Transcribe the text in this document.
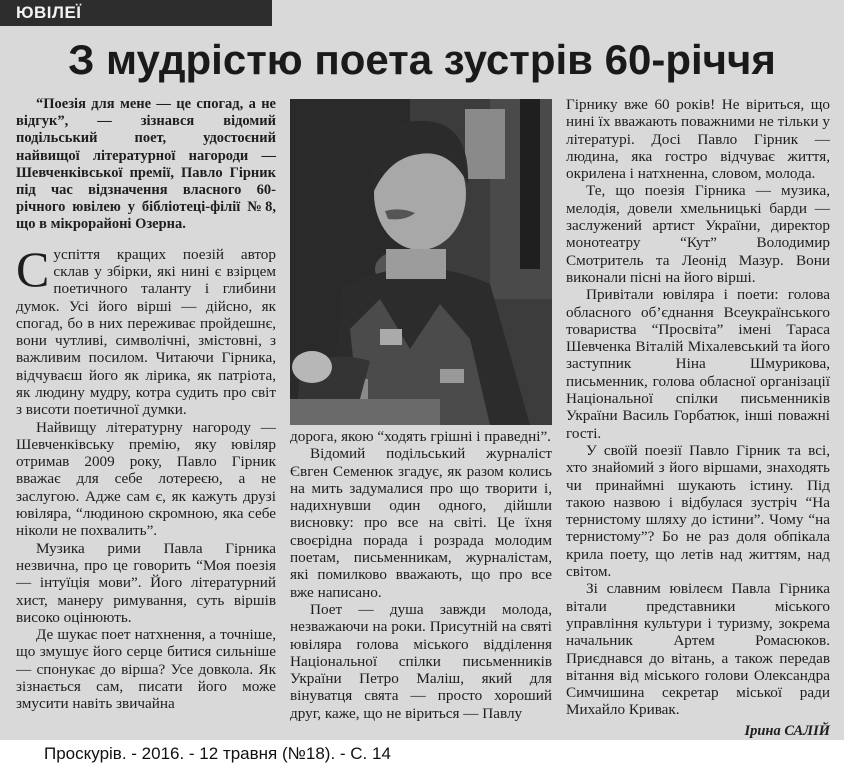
ЮВІЛЕЇ
З мудрістю поета зустрів 60-річчя

“Поезія для мене — це спогад, а не відгук”, — зізнався відомий подільський поет, удостоєний найвищої літературної нагороди — Шевченківської премії, Павло Гірник під час відзначення власного 60-річного ювілею у бібліотеці-філії №8, що в мікрорайоні Озерна.

Суспіття кращих поезій автор склав у збірки, які нині є взірцем поетичного таланту і глибини думок. Усі його вірші — дійсно, як спогад, бо в них переживає пройдешнє, вони чутливі, символічні, змістовні, з важливим посилом. Читаючи Гірника, відчуваєш його як лірика, як патріота, як людину мудру, котра судить про світ з висоти поетичної думки.

Найвищу літературну нагороду — Шевченківську премію, яку ювіляр отримав 2009 року, Павло Гірник вважає для себе лотереєю, а не заслугою. Адже сам є, як кажуть друзі ювіляра, “людиною скромною, яка себе ніколи не похвалить”.

Музика рими Павла Гірника незвична, про це говорить “Моя поезія — інтуїція мови”. Його літературний хист, манеру римування, суть віршів високо оцінюють.

Де шукає поет натхнення, а точніше, що змушує його серце битися сильніше — спонукає до вірша? Усе довкола. Як зізнається сам, писати його може змусити навіть звичайна

дорога, якою “ходять грішні і праведні”.

Відомий подільський журналіст Євген Семенюк згадує, як разом колись на мить задумалися про що творити і, надихнувши один одного, дійшли висновку: про все на світі. Це їхня своєрідна порада і розрада молодим поетам, письменникам, журналістам, які помилково вважають, що про все вже написано.

Поет — душа завжди молода, незважаючи на роки. Присутній на святі ювіляра голова міського відділення Національної спілки письменників України Петро Маліш, який для вінуватця свята — просто хороший друг, каже, що не віриться — Павлу

Гірнику вже 60 років! Не віриться, що нині їх вважають поважними не тільки у літературі. Досі Павло Гірник — людина, яка гостро відчуває життя, окрилена і натхненна, словом, молода.

Те, що поезія Гірника — музика, мелодія, довели хмельницькі барди — заслужений артист України, директор монотеатру “Кут” Володимир Смотритель та Леонід Мазур. Вони виконали пісні на його вірші.

Привітали ювіляра і поети: голова обласного об’єднання Всеукраїнського товариства “Просвіта” імені Тараса Шевченка Віталій Міхалевський та його заступник Ніна Шмурикова, письменник, голова обласної організації Національної спілки письменників України Василь Горбатюк, інші поважні гості.

У своїй поезії Павло Гірник та всі, хто знайомий з його віршами, знаходять чи принаймні шукають істину. Під такою назвою і відбулася зустріч “На тернистому шляху до істини”. Чому “на тернистому”? Бо не раз доля обпікала крила поету, що летів над життям, над світом.

Зі славним ювілеєм Павла Гірника вітали представники міського управління культури і туризму, зокрема начальник Артем Ромасюков. Приєднався до вітань, а також передав вітання від міського голови Олександра Симчишина секретар міської ради Михайло Кривак.

Ірина САЛІЙ
Проскурів. - 2016. - 12 травня (№18). - С. 14
